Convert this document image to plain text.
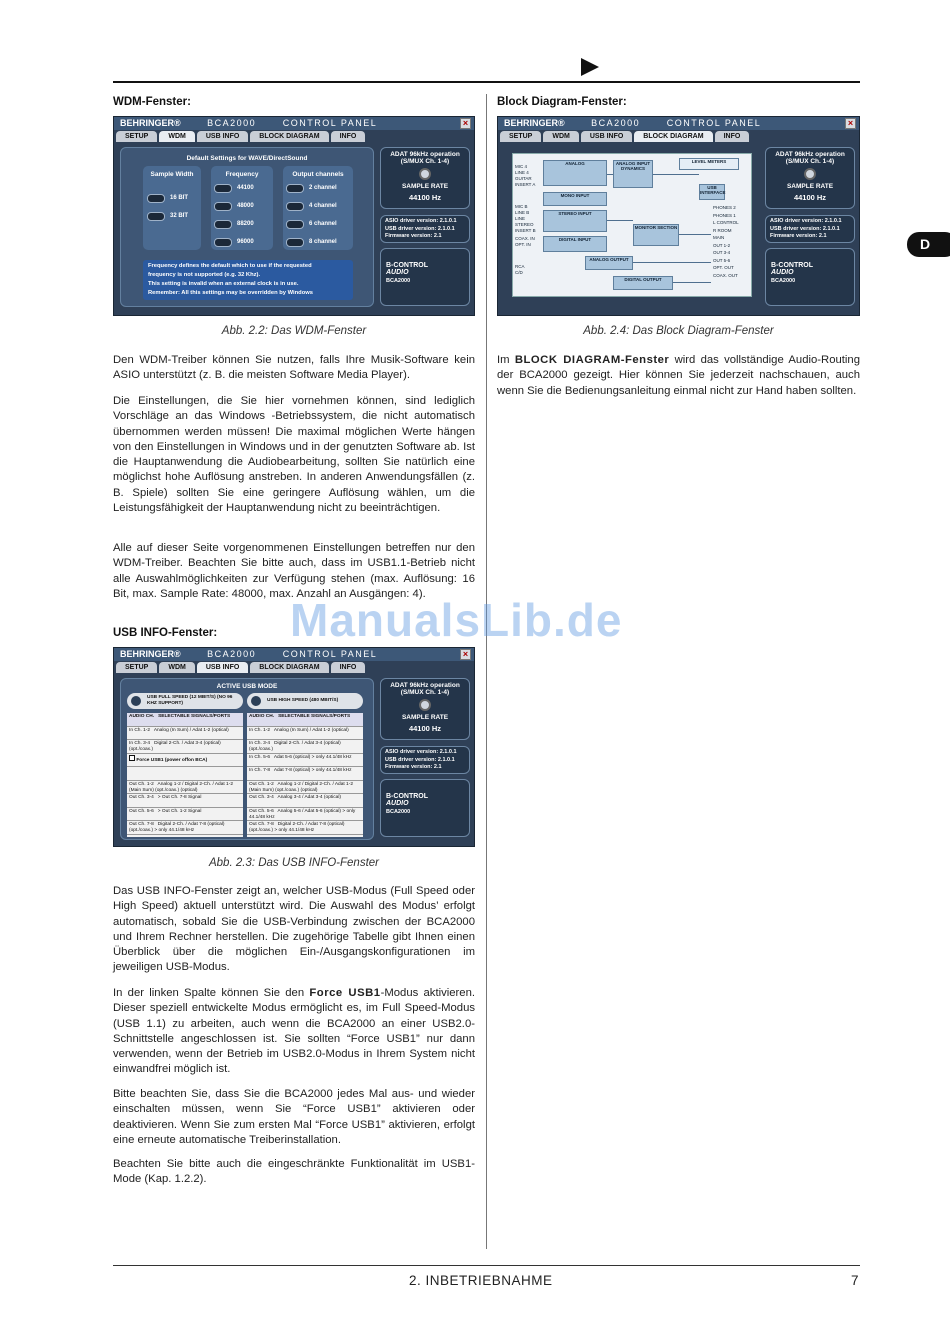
D
WDM-Fenster:
BEHRINGER®	BCA2000	CONTROL PANEL	×
SETUP	WDM	USB INFO	BLOCK DIAGRAM	INFO
Default Settings for WAVE/DirectSound
Sample Width
16 BIT
32 BIT
Frequency
44100
48000
88200
96000
Output channels
2 channel
4 channel
6 channel
8 channel
Frequency defines the default which to use if the requested
frequency is not supported (e.g. 32 Khz).
This setting is invalid when an external clock is in use.
Remember: All this settings may be overridden by Windows
ADAT 96kHz operation
(S/MUX Ch. 1-4)
SAMPLE RATE
44100 Hz
ASIO driver version: 2.1.0.1
USB driver version: 2.1.0.1
Firmware version: 2.1
B-CONTROL
AUDIO
BCA2000
Abb. 2.2: Das WDM-Fenster
Den WDM-Treiber können Sie nutzen, falls Ihre Musik-Software kein ASIO unterstützt (z. B. die meisten Software Media Player).
Die Einstellungen, die Sie hier vornehmen können, sind lediglich Vorschläge an das Windows -Betriebssystem, die nicht automatisch übernommen werden müssen! Die maximal möglichen Werte hängen von den Einstellungen in Windows und in der genutzten Software ab. Ist die Hauptanwendung die Audiobearbeitung, sollten Sie natürlich eine möglichst hohe Auflösung anstreben. In anderen Anwendungsfällen (z. B. Spiele) sollten Sie eine geringere Auflösung wählen, um die Leistungsfähigkeit der Hauptanwendung nicht zu beeinträchtigen.
Alle auf dieser Seite vorgenommenen Einstellungen betreffen nur den WDM-Treiber. Beachten Sie bitte auch, dass im USB1.1-Betrieb nicht alle Auswahlmöglichkeiten zur Verfügung stehen (max. Auflösung: 16 Bit, max. Sample Rate: 48000, max. Anzahl an Ausgängen: 4).
USB INFO-Fenster:
BEHRINGER®	BCA2000	CONTROL PANEL	×
SETUP	WDM	USB INFO	BLOCK DIAGRAM	INFO
ACTIVE USB MODE
USB FULL SPEED (12 MBIT/S) (NO 96 KHZ SUPPORT)
USB HIGH SPEED (480 MBIT/S)
AUDIO CH. SELECTABLE SIGNALS/PORTS
In Ch. 1-2 Analog (In Sum) / Adat 1-2 (optical)
In Ch. 3-4 Digital 2-Ch. / Adat 3-4 (optical) (opt./coax.)
Force USB1 (power offon BCA)
Out Ch. 1-2 Analog 1-2 / Digital 2-Ch. / Adat 1-2 (Main Sum) (opt./coax.) (optical)
Out Ch. 3-4 > Out Ch. 7-8 Signal
Out Ch. 5-6 > Out Ch. 1-2 Signal
Out Ch. 7-8 Digital 2-Ch. / Adat 7-8 (optical) (opt./coax.) > only 44.1/48 kHz
AUDIO CH. SELECTABLE SIGNALS/PORTS
In Ch. 1-2 Analog (In Sum) / Adat 1-2 (optical)
In Ch. 3-4 Digital 2-Ch. / Adat 3-4 (optical) (opt./coax.)
In Ch. 5-6 Adat 5-6 (optical) > only 44.1/48 kHz
In Ch. 7-8 Adat 7-8 (optical) > only 44.1/48 kHz
Out Ch. 1-2 Analog 1-2 / Digital 2-Ch. / Adat 1-2 (Main Sum) (opt./coax.) (optical)
Out Ch. 3-4 Analog 3-4 / Adat 3-4 (optical)
Out Ch. 5-6 Analog 5-6 / Adat 5-6 (optical) > only 44.1/48 kHz
Out Ch. 7-8 Digital 2-Ch. / Adat 7-8 (optical) (opt./coax.) > only 44.1/48 kHz
ADAT 96kHz operation
(S/MUX Ch. 1-4)
SAMPLE RATE
44100 Hz
ASIO driver version: 2.1.0.1
USB driver version: 2.1.0.1
Firmware version: 2.1
B-CONTROL
AUDIO
BCA2000
Abb. 2.3: Das USB INFO-Fenster
Das USB INFO-Fenster zeigt an, welcher USB-Modus (Full Speed oder High Speed) aktuell unterstützt wird. Die Auswahl des Modus’ erfolgt automatisch, sobald Sie die USB-Verbindung zwischen der BCA2000 und Ihrem Rechner herstellen. Die zugehörige Tabelle gibt Ihnen einen Überblick über die möglichen Ein-/Ausgangskonfigurationen im jeweiligen USB-Modus.
In der linken Spalte können Sie den Force USB1-Modus aktivieren. Dieser speziell entwickelte Modus ermöglicht es, im Full Speed-Modus (USB 1.1) zu arbeiten, auch wenn die BCA2000 an einer USB2.0-Schnittstelle angeschlossen ist. Sie sollten “Force USB1” nur dann verwenden, wenn der Betrieb im USB2.0-Modus in Ihrem System nicht einwandfrei möglich ist.
Bitte beachten Sie, dass Sie die BCA2000 jedes Mal aus- und wieder einschalten müssen, wenn Sie “Force USB1” aktivieren oder deaktivieren. Wenn Sie zum ersten Mal “Force USB1” aktivieren, erfolgt eine erneute automatische Treiberinstallation.
Beachten Sie bitte auch die eingeschränkte Funktionalität im USB1-Mode (Kap. 1.2.2).
Block Diagram-Fenster:
BEHRINGER®	BCA2000	CONTROL PANEL	×
SETUP	WDM	USB INFO	BLOCK DIAGRAM	INFO
MIC 4
LINE 4
GUITAR
INSERT A
MIC B
LINE B
LINE
STEREO
INSERT B
COAX. IN
OPT. IN
RCA
C/D
ANALOG	ANALOG INPUT DYNAMICS
MONO INPUT
STEREO INPUT
DIGITAL INPUT
MONITOR SECTION
ANALOG OUTPUT
DIGITAL OUTPUT
USB INTERFACE
LEVEL METERS
PHONES 2
PHONES 1
L CONTROL
R ROOM
MAIN
OUT 1-2
OUT 3-4
OUT 5-6
OPT. OUT
COAX. OUT
ADAT 96kHz operation
(S/MUX Ch. 1-4)
SAMPLE RATE
44100 Hz
ASIO driver version: 2.1.0.1
USB driver version: 2.1.0.1
Firmware version: 2.1
B-CONTROL
AUDIO
BCA2000
Abb. 2.4: Das Block Diagram-Fenster
Im BLOCK DIAGRAM-Fenster wird das vollständige Audio-Routing der BCA2000 gezeigt. Hier können Sie jederzeit nachschauen, auch wenn Sie die Bedienungsanleitung einmal nicht zur Hand haben sollten.
ManualsLib.de
2. INBETRIEBNAHME	7
